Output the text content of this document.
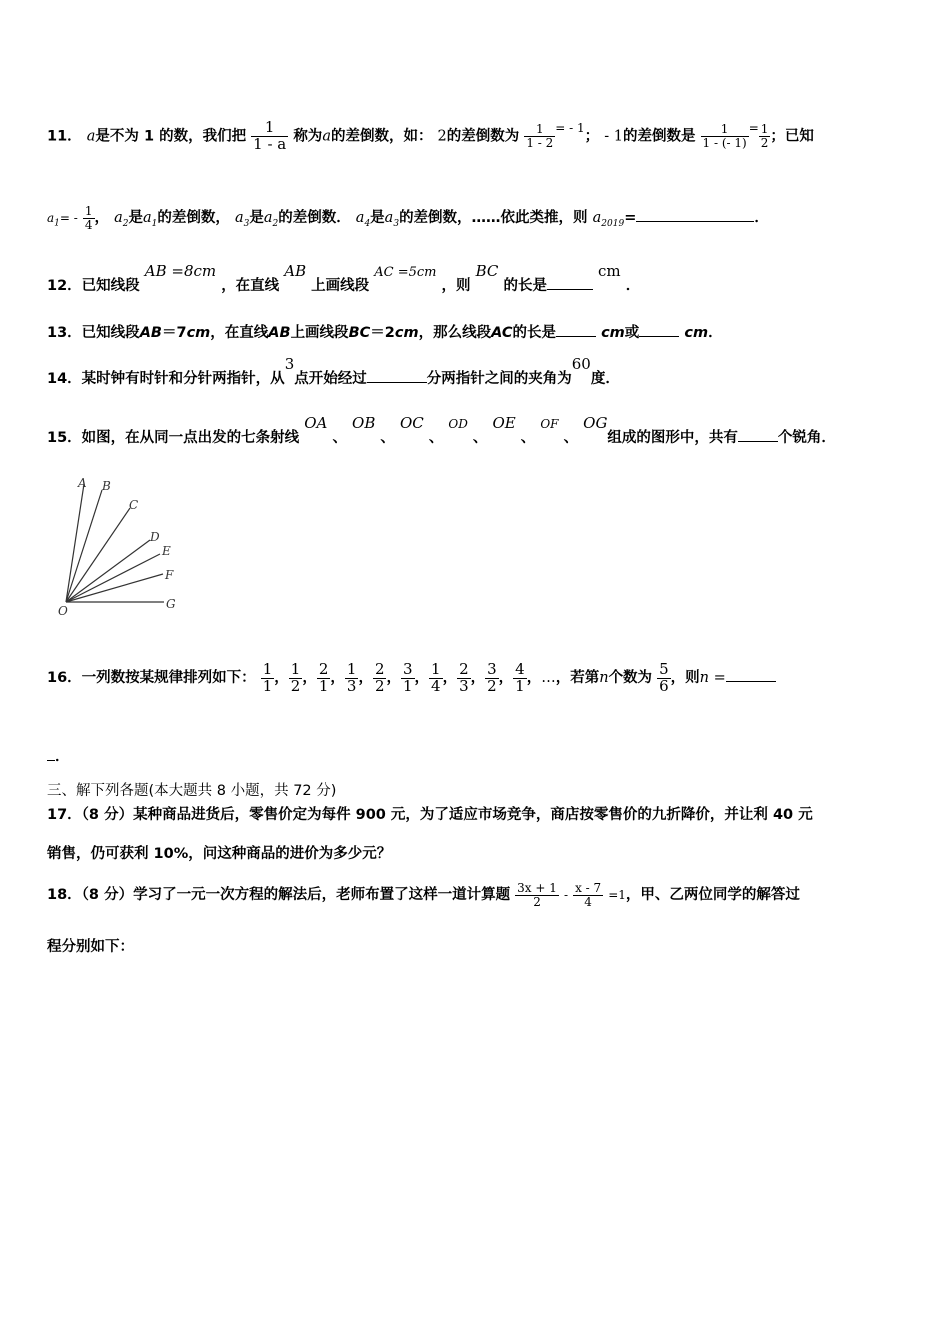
11． a是不为 1 的数，我们把 $\frac{1}{1 - a}$ 称为a的差倒数，如： 2的差倒数为 $\frac{1}{1 - 2} ^{= - 1}$； - 1的差倒数是 $\frac{1}{1 - (- 1)} ^= \frac{1}{2}$ ；已知
$a_1= - \frac{1}{4}$ ， $a_2$是$a_1$的差倒数， $a_3$是$a_2$的差倒数． $a_4$是$a_3$的差倒数，……依此类推，则 $a_{2019}=$	．
12．已知线段 AB =8cm ，在直线 AB 上画线段 AC =5cm ，则 BC 的长是 cm ．
13．已知线段AB＝7cm，在直线AB上画线段BC＝2cm，那么线段AC的长是	cm或	cm．
14．某时钟有时针和分针两指针，从3点开始经过	分两指针之间的夹角为60度．
15．如图，在从同一点出发的七条射线 OA 、 OB 、 OC 、 $^{OD}$ 、 OE 、 $^{OF}$ 、 OG组成的图形中，共有	个锐角．
A B
C
D
E
F
G
O
16．一列数按某规律排列如下： $\frac{1}{1}$ ， $\frac{1}{2}$ ， $\frac{2}{1}$ ， $\frac{1}{3}$ ， $\frac{2}{2}$ ， $\frac{3}{1}$ ， $\frac{1}{4}$ ， $\frac{2}{3}$ ， $\frac{3}{2}$ ， $\frac{4}{1}$ ，…，若第n个数为 $\frac{5}{6}$ ，则n =
．
三、解下列各题(本大题共 8 小题，共 72 分)
17．（8 分）某种商品进货后，零售价定为每件 900 元，为了适应市场竞争，商店按零售价的九折降价，并让利 40 元
销售，仍可获利 10%，问这种商品的进价为多少元？
18．（8 分）学习了一元一次方程的解法后，老师布置了这样一道计算题 $\frac{3x + 1}{2} - \frac{x - 7}{4} =1$，甲、乙两位同学的解答过
程分别如下：
